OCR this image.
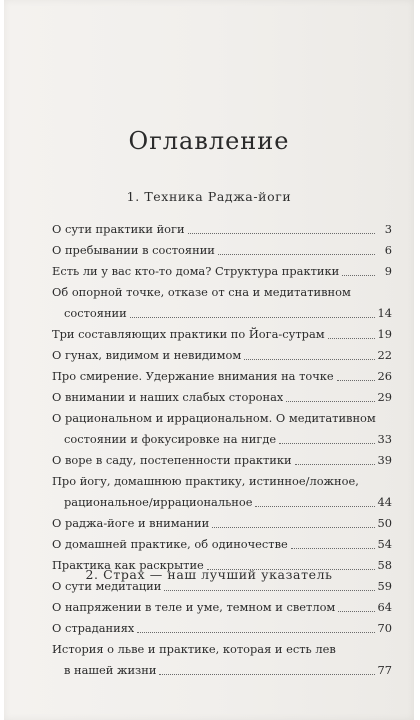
Оглавление
1. Техника Раджа-йоги
О сути практики йоги	3
О пребывании в состоянии	6
Есть ли у вас кто-то дома? Структура практики	9
Об опорной точке, отказе от сна и медитативном
состоянии	14
Три составляющих практики по Йога-сутрам	19
О гунах, видимом и невидимом	22
Про смирение. Удержание внимания на точке	26
О внимании и наших слабых сторонах	29
О рациональном и иррациональном. О медитативном
состоянии и фокусировке на нигде	33
О воре в саду, постепенности практики	39
Про йогу, домашнюю практику, истинное/ложное,
рациональное/иррациональное	44
О раджа-йоге и внимании	50
О домашней практике, об одиночестве	54
Практика как раскрытие	58
О сути медитации	59
2. Страх — наш лучший указатель
О напряжении в теле и уме, темном и светлом	64
О страданиях	70
История о льве и практике, которая и есть лев
в нашей жизни	77
